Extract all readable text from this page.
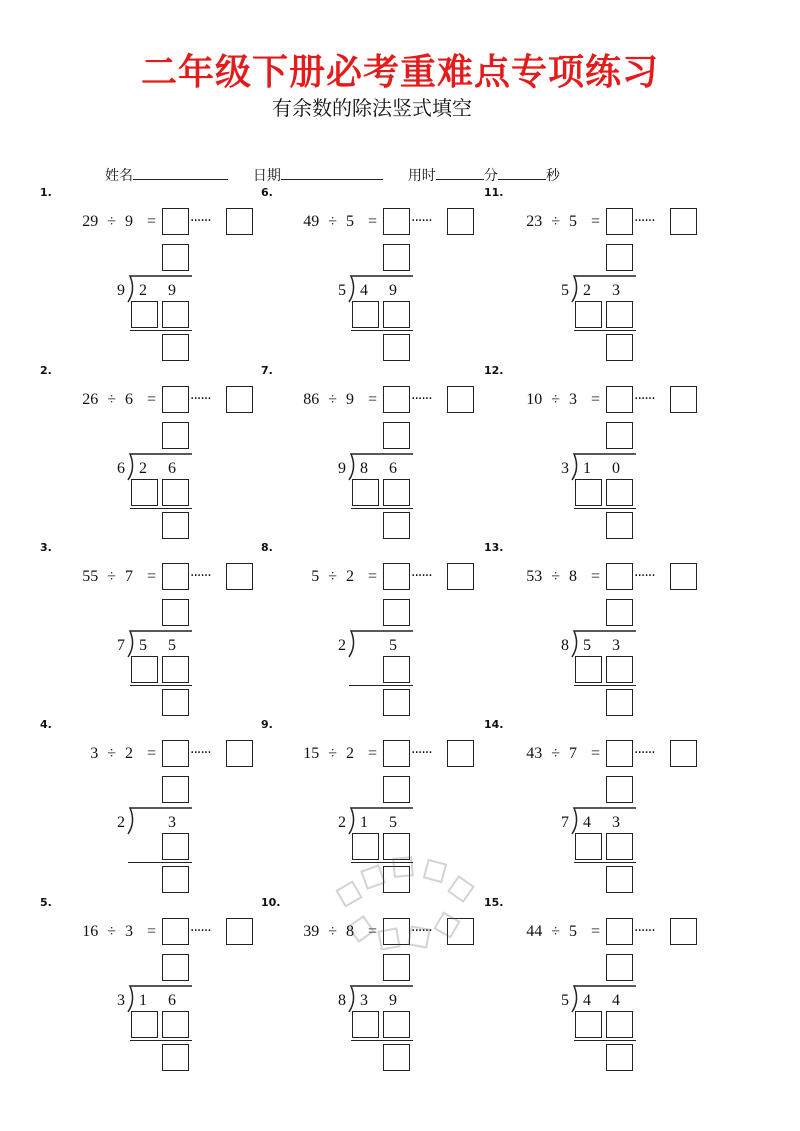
二年级下册必考重难点专项练习
有余数的除法竖式填空
姓名	日期	用时	分	秒
1.
29 ÷ 9 = ······
9 2 9
2.
26 ÷ 6 = ······
6 2 6
3.
55 ÷ 7 = ······
7 5 5
4.
3 ÷ 2 = ······
2	3
5.
16 ÷ 3 = ······
3 1 6
6.
49 ÷ 5 = ······
5 4 9
7.
86 ÷ 9 = ······
9 8 6
8.
5 ÷ 2 = ······
2	5
9.
15 ÷ 2 = ······
2 1 5
10.
39 ÷ 8 = ······
8 3 9
11.
23 ÷ 5 = ······
5 2 3
12.
10 ÷ 3 = ······
3 1 0
13.
53 ÷ 8 = ······
8 5 3
14.
43 ÷ 7 = ······
7 4 3
15.
44 ÷ 5 = ······
5 4 4
